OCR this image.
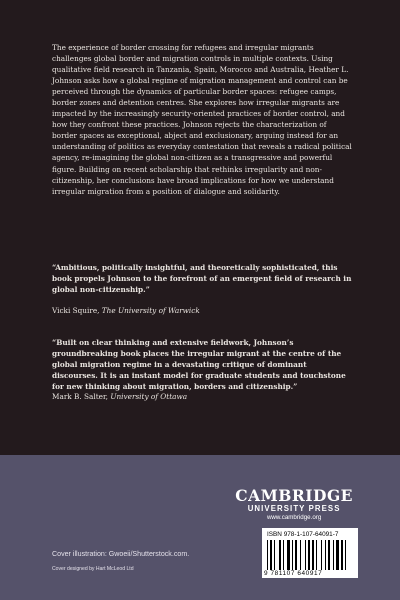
The experience of border crossing for refugees and irregular migrants challenges global border and migration controls in multiple contexts. Using qualitative field research in Tanzania, Spain, Morocco and Australia, Heather L. Johnson asks how a global regime of migration management and control can be perceived through the dynamics of particular border spaces: refugee camps, border zones and detention centres. She explores how irregular migrants are impacted by the increasingly security-oriented practices of border control, and how they confront these practices. Johnson rejects the characterization of border spaces as exceptional, abject and exclusionary, arguing instead for an understanding of politics as everyday contestation that reveals a radical political agency, re-imagining the global non-citizen as a transgressive and powerful figure. Building on recent scholarship that rethinks irregularity and non-citizenship, her conclusions have broad implications for how we understand irregular migration from a position of dialogue and solidarity.

“Ambitious, politically insightful, and theoretically sophisticated, this book propels Johnson to the forefront of an emergent field of research in global non-citizenship.”

Vicki Squire, The University of Warwick

“Built on clear thinking and extensive fieldwork, Johnson’s groundbreaking book places the irregular migrant at the centre of the global migration regime in a devastating critique of dominant discourses. It is an instant model for graduate students and touchstone for new thinking about migration, borders and citizenship.”

Mark B. Salter, University of Ottawa

CAMBRIDGE

UNIVERSITY PRESS

www.cambridge.org

ISBN 978-1-107-64091-7
9 781107 640917

Cover illustration: Gwoeii/Shutterstock.com.

Cover designed by Hart McLeod Ltd
